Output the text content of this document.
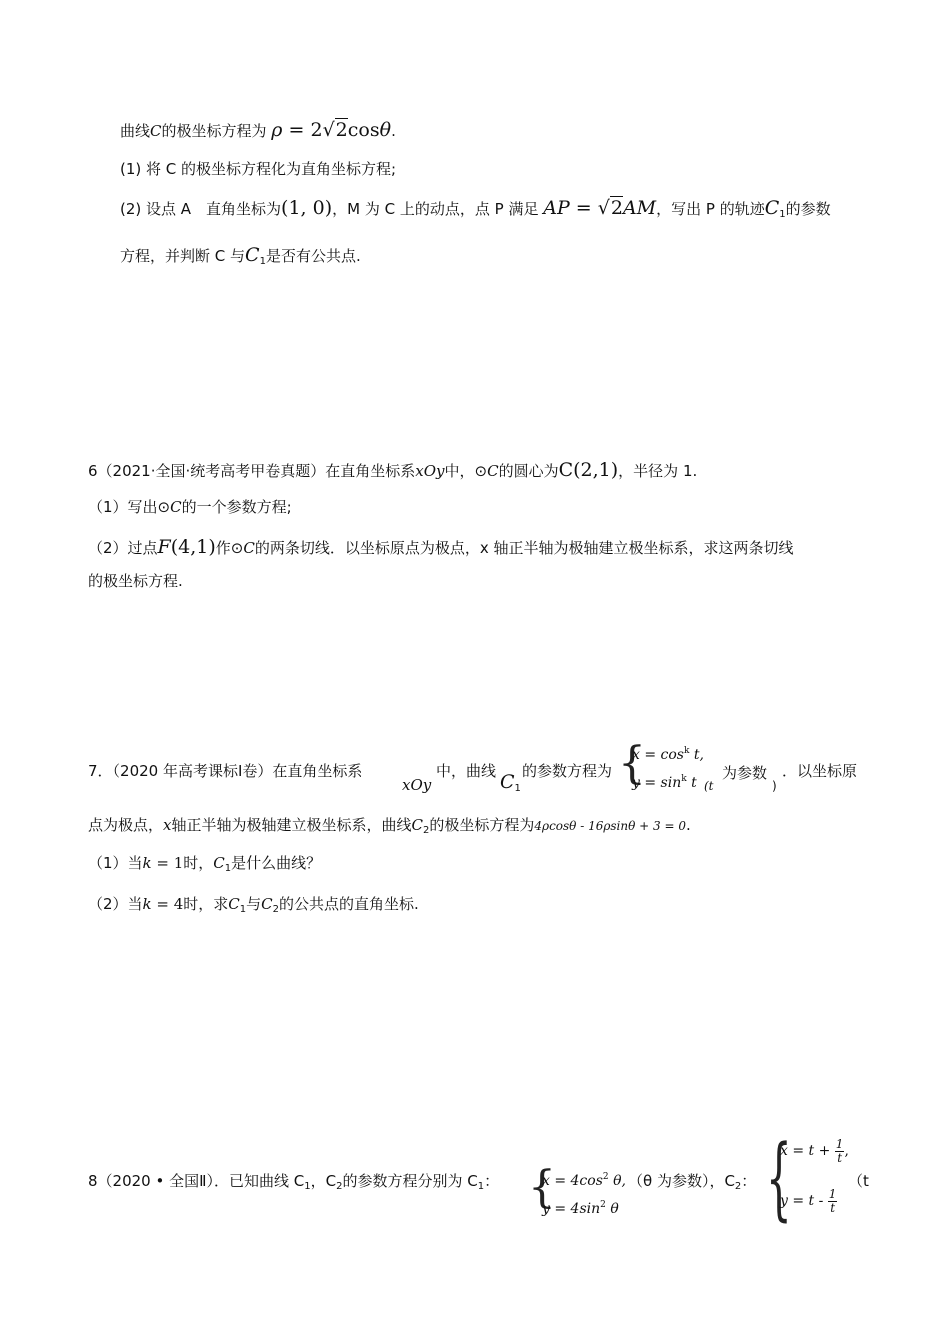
曲线C的极坐标方程为 ρ = 2√2cosθ.
(1) 将 C 的极坐标方程化为直角坐标方程;
(2) 设点 A　直角坐标为(1, 0)，M 为 C 上的动点，点 P 满足 AP = √2AM，写出 P 的轨迹$C_1$的参数
方程，并判断 C 与$C_1$是否有公共点.
6（2021·全国·统考高考甲卷真题）在直角坐标系xOy中，⊙C的圆心为C(2,1)，半径为 1.
（1）写出⊙C的一个参数方程;
（2）过点F(4,1)作⊙C的两条切线．以坐标原点为极点，x 轴正半轴为极轴建立极坐标系，求这两条切线
的极坐标方程.
7．（2020 年高考课标Ⅰ卷）在直角坐标系
xOy
中，曲线 $C_1$
的参数方程为 {
$x = \cos^k t$,
$y = \sin^k t$ (t
为参数
)
．以坐标原
点为极点，x轴正半轴为极轴建立极坐标系，曲线$C_2$的极坐标方程为4ρcosθ - 16ρsinθ + 3 = 0.
（1）当k = 1时，$C_1$是什么曲线？
（2）当k = 4时，求$C_1$与$C_2$的公共点的直角坐标.
8（2020 • 全国Ⅱ）．已知曲线 $C_1$，$C_2$的参数方程分别为 $C_1$： {
$x = 4\cos^2$ θ,
$y = 4\sin^2$ θ
（θ 为参数），$C_2$： {
$x = t + \frac{1}{t}$ ,
$y = t - \frac{1}{t}$
（t
